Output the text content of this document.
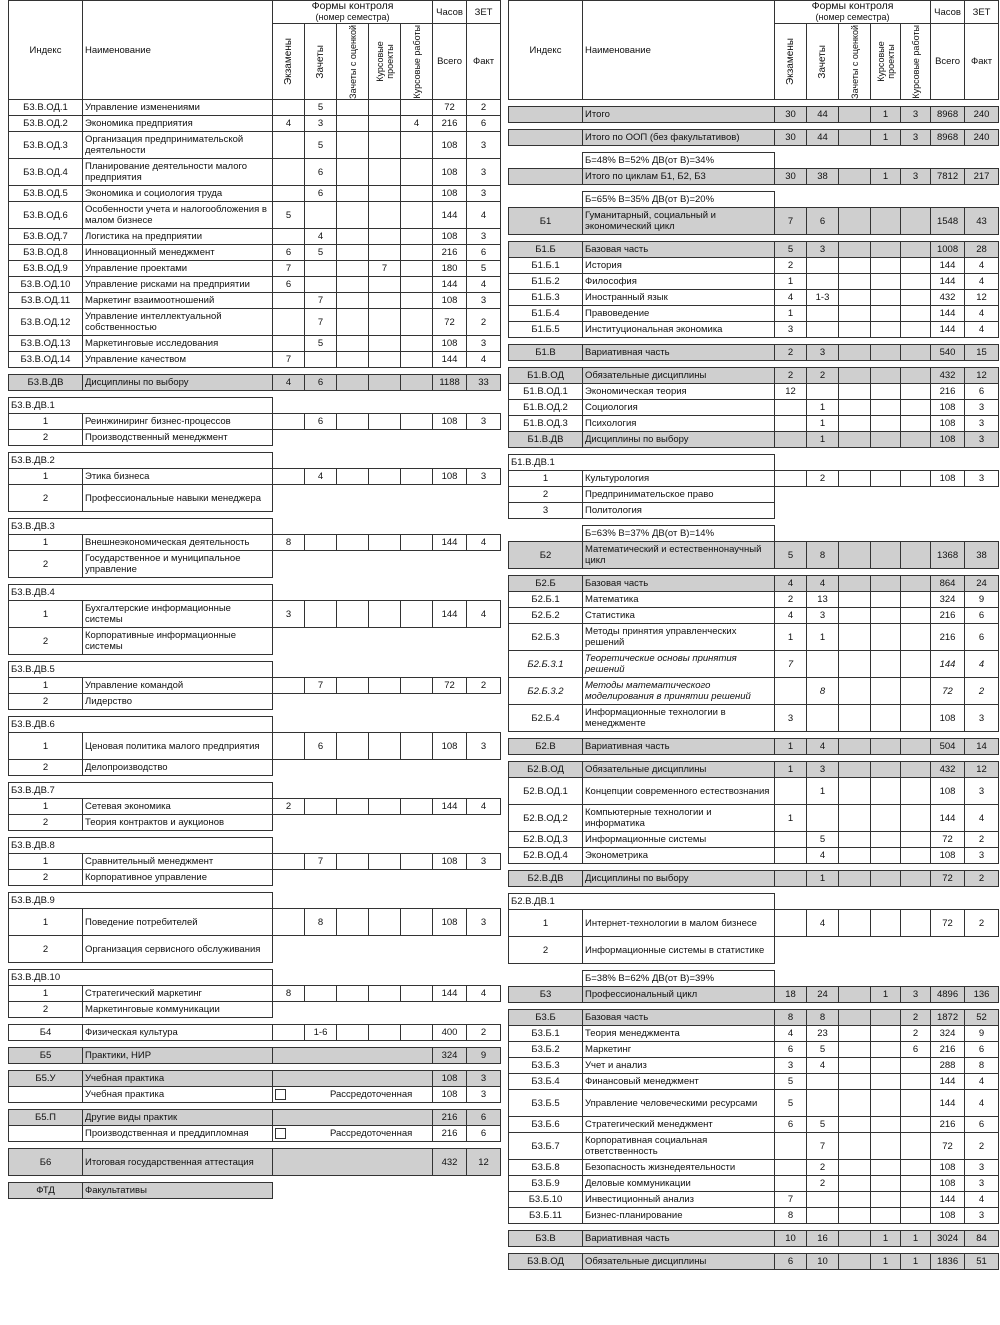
Индекс	Наименование	Формы контроля
(номер семестра)					Часов	ЗЕТ

		Экзамены	Зачеты	Зачеты с оценкой	Курсовые проекты	Курсовые работы	Всего	Факт
Б3.В.ОД.1	Управление изменениями		5				72	2
Б3.В.ОД.2	Экономика предприятия	4	3			4	216	6
Б3.В.ОД.3	Организация предпринимательской деятельности		5				108	3
Б3.В.ОД.4	Планирование деятельности малого предприятия		6				108	3
Б3.В.ОД.5	Экономика и социология труда		6				108	3
Б3.В.ОД.6	Особенности учета и налогообложения в малом бизнесе	5					144	4
Б3.В.ОД.7	Логистика на предприятии		4				108	3
Б3.В.ОД.8	Инновационный менеджмент	6	5				216	6
Б3.В.ОД.9	Управление проектами	7			7		180	5
Б3.В.ОД.10	Управление рисками на предприятии	6					144	4
Б3.В.ОД.11	Маркетинг взаимоотношений		7				108	3
Б3.В.ОД.12	Управление интеллектуальной собственностью		7				72	2
Б3.В.ОД.13	Маркетинговые исследования		5				108	3
Б3.В.ОД.14	Управление качеством	7					144	4

Б3.В.ДВ	Дисциплины по выбору	4	6				1188	33

Б3.В.ДВ.1								
1	Реинжиниринг бизнес-процессов		6				108	3
2	Производственный менеджмент							

Б3.В.ДВ.2								
1	Этика бизнеса		4				108	3
2	Профессиональные навыки менеджера							

Б3.В.ДВ.3								
1	Внешнеэкономическая деятельность	8					144	4
2	Государственное и муниципальное управление							

Б3.В.ДВ.4								
1	Бухгалтерские информационные системы	3					144	4
2	Корпоративные информационные системы							

Б3.В.ДВ.5								
1	Управление командой		7				72	2
2	Лидерство							

Б3.В.ДВ.6								
1	Ценовая политика малого предприятия		6				108	3
2	Делопроизводство							

Б3.В.ДВ.7								
1	Сетевая экономика	2					144	4
2	Теория контрактов и аукционов							

Б3.В.ДВ.8								
1	Сравнительный менеджмент		7				108	3
2	Корпоративное управление							

Б3.В.ДВ.9								
1	Поведение потребителей		8				108	3
2	Организация сервисного обслуживания							

Б3.В.ДВ.10								
1	Стратегический маркетинг	8					144	4
2	Маркетинговые коммуникации							

Б4	Физическая культура		1-6				400	2

Б5	Практики, НИР						324	9

Б5.У	Учебная практика						108	3
	Учебная практика	Рассредоточенная					108	3

Б5.П	Другие виды практик						216	6
	Производственная и преддипломная	Рассредоточенная					216	6

Б6	Итоговая государственная аттестация						432	12

ФТД	Факультативы							
Индекс	Наименование	Формы контроля
(номер семестра)					Часов	ЗЕТ

		Экзамены	Зачеты	Зачеты с оценкой	Курсовые проекты	Курсовые работы	Всего	Факт

	Итого	30	44		1	3	8968	240

	Итого по ООП (без факультативов)	30	44		1	3	8968	240

	Б=48% В=52% ДВ(от В)=34%							
	Итого по циклам Б1, Б2, Б3	30	38		1	3	7812	217

	Б=65% В=35% ДВ(от В)=20%							
Б1	Гуманитарный, социальный и экономический цикл	7	6				1548	43

Б1.Б	Базовая часть	5	3				1008	28
Б1.Б.1	История	2					144	4
Б1.Б.2	Философия	1					144	4
Б1.Б.3	Иностранный язык	4	1-3				432	12
Б1.Б.4	Правоведение	1					144	4
Б1.Б.5	Институциональная экономика	3					144	4

Б1.В	Вариативная часть	2	3				540	15

Б1.В.ОД	Обязательные дисциплины	2	2				432	12
Б1.В.ОД.1	Экономическая теория	12					216	6
Б1.В.ОД.2	Социология		1				108	3
Б1.В.ОД.3	Психология		1				108	3
Б1.В.ДВ	Дисциплины по выбору		1				108	3

Б1.В.ДВ.1								
1	Культурология		2				108	3
2	Предпринимательское право							
3	Политология							

	Б=63% В=37% ДВ(от В)=14%							
Б2	Математический и естественнонаучный цикл	5	8				1368	38

Б2.Б	Базовая часть	4	4				864	24
Б2.Б.1	Математика	2	13				324	9
Б2.Б.2	Статистика	4	3				216	6
Б2.Б.3	Методы принятия управленческих решений	1	1				216	6
Б2.Б.3.1	Теоретические основы принятия решений	7					144	4
Б2.Б.3.2	Методы математического моделирования в принятии решений		8				72	2
Б2.Б.4	Информационные технологии в менеджменте	3					108	3

Б2.В	Вариативная часть	1	4				504	14

Б2.В.ОД	Обязательные дисциплины	1	3				432	12
Б2.В.ОД.1	Концепции современного естествознания		1				108	3
Б2.В.ОД.2	Компьютерные технологии и информатика	1					144	4
Б2.В.ОД.3	Информационные системы		5				72	2
Б2.В.ОД.4	Эконометрика		4				108	3

Б2.В.ДВ	Дисциплины по выбору		1				72	2

Б2.В.ДВ.1								
1	Интернет-технологии в малом бизнесе		4				72	2
2	Информационные системы в статистике							

	Б=38% В=62% ДВ(от В)=39%							
Б3	Профессиональный цикл	18	24		1	3	4896	136

Б3.Б	Базовая часть	8	8			2	1872	52
Б3.Б.1	Теория менеджмента	4	23			2	324	9
Б3.Б.2	Маркетинг	6	5			6	216	6
Б3.Б.3	Учет и анализ	3	4				288	8
Б3.Б.4	Финансовый менеджмент	5					144	4
Б3.Б.5	Управление человеческими ресурсами	5					144	4
Б3.Б.6	Стратегический менеджмент	6	5				216	6
Б3.Б.7	Корпоративная социальная ответственность		7				72	2
Б3.Б.8	Безопасность жизнедеятельности		2				108	3
Б3.Б.9	Деловые коммуникации		2				108	3
Б3.Б.10	Инвестиционный анализ	7					144	4
Б3.Б.11	Бизнес-планирование	8					108	3

Б3.В	Вариативная часть	10	16		1	1	3024	84

Б3.В.ОД	Обязательные дисциплины	6	10		1	1	1836	51
